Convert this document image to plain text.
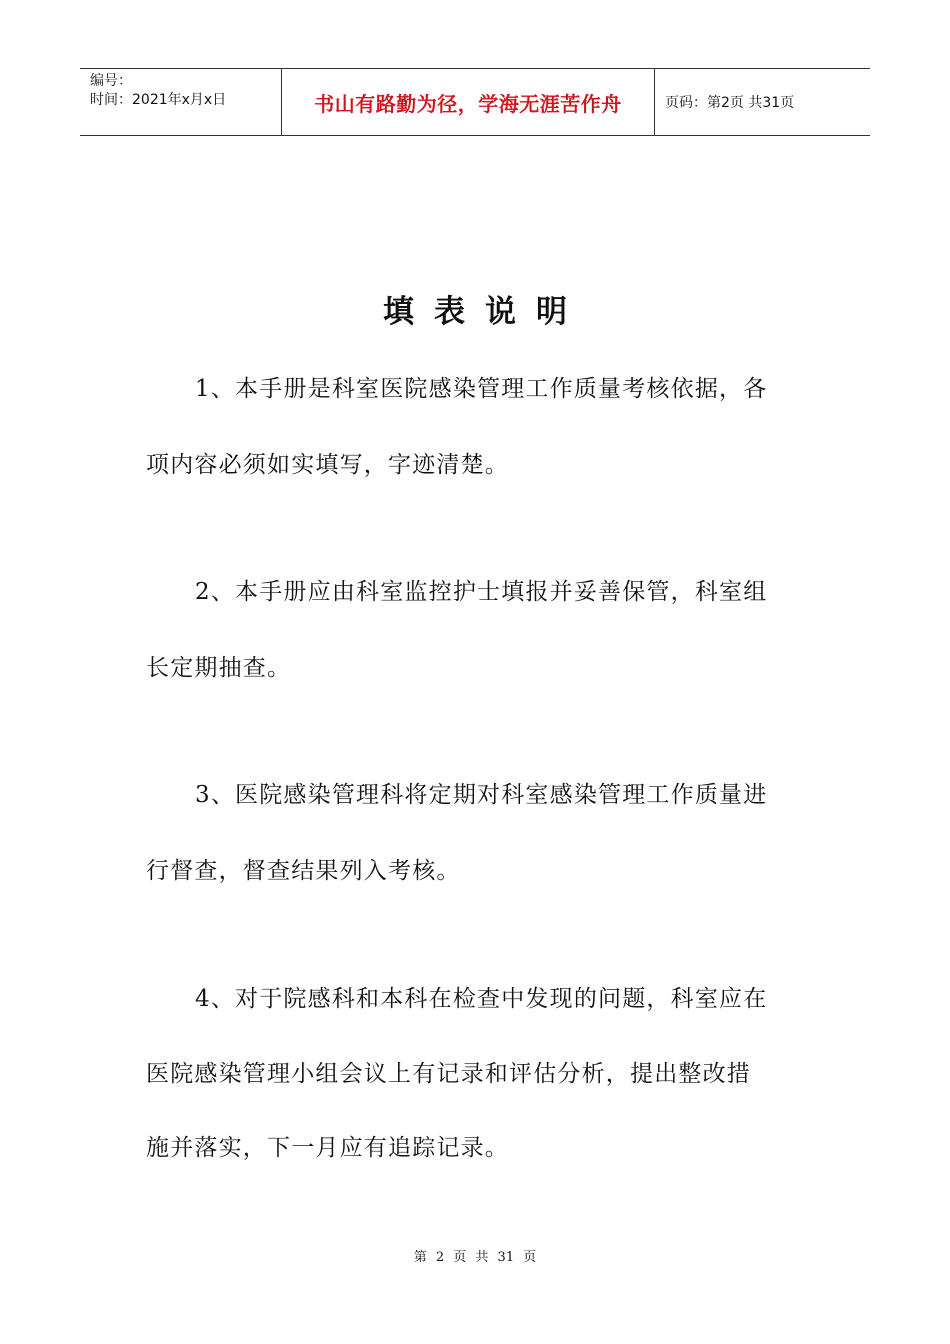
编号：
时间：2021年x月x日	书山有路勤为径，学海无涯苦作舟	页码：第2页 共31页
填表说明
1、本手册是科室医院感染管理工作质量考核依据，各
项内容必须如实填写，字迹清楚。
2、本手册应由科室监控护士填报并妥善保管，科室组
长定期抽查。
3、医院感染管理科将定期对科室感染管理工作质量进
行督查，督查结果列入考核。
4、对于院感科和本科在检查中发现的问题，科室应在
医院感染管理小组会议上有记录和评估分析，提出整改措
施并落实，下一月应有追踪记录。
第 2 页 共 31 页
